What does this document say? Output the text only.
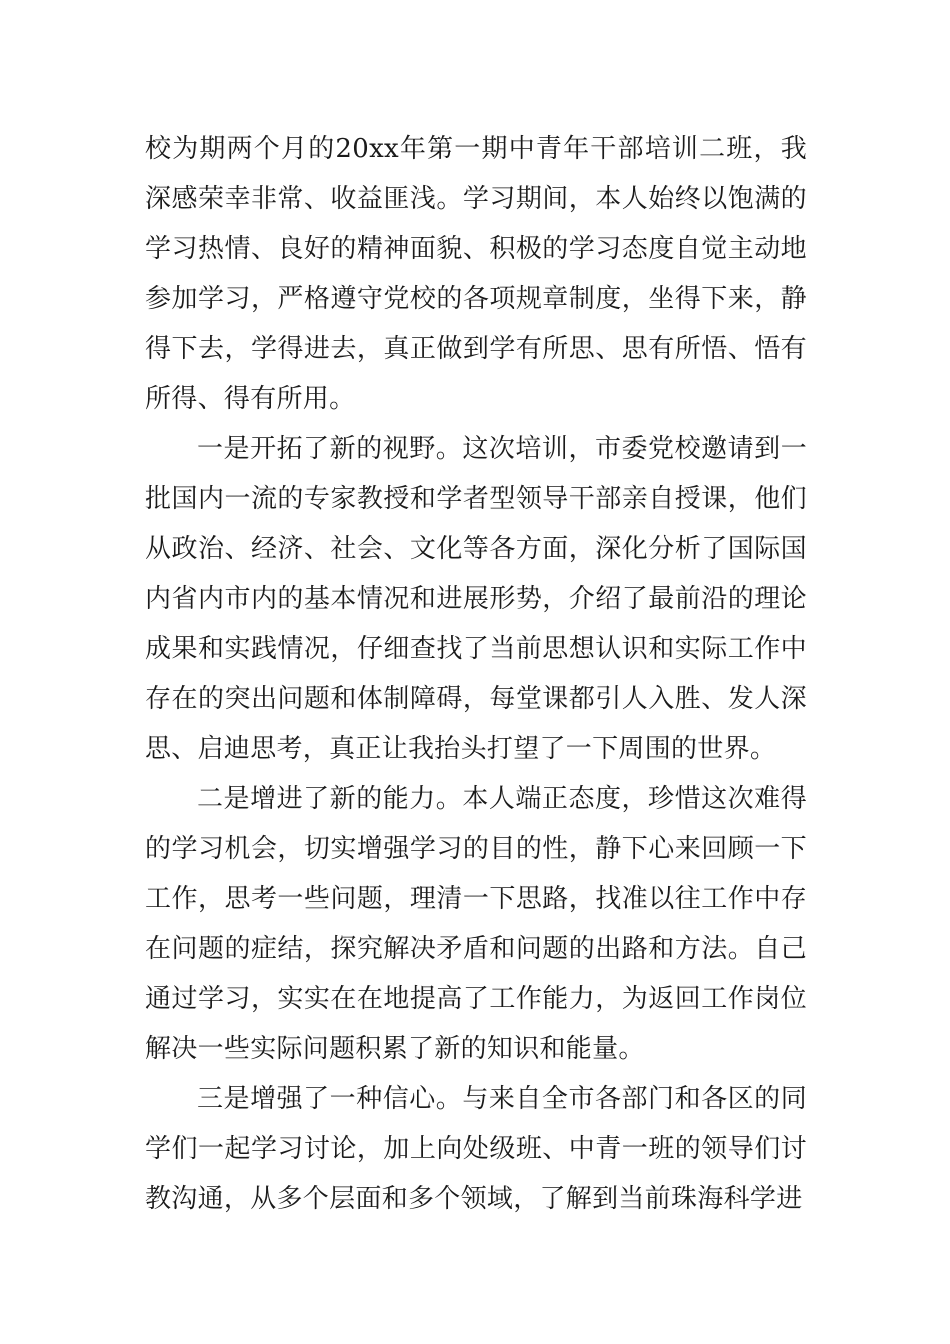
校为期两个月的20xx年第一期中青年干部培训二班，我深感荣幸非常、收益匪浅。学习期间，本人始终以饱满的学习热情、良好的精神面貌、积极的学习态度自觉主动地参加学习，严格遵守党校的各项规章制度，坐得下来，静得下去，学得进去，真正做到学有所思、思有所悟、悟有所得、得有所用。

一是开拓了新的视野。这次培训，市委党校邀请到一批国内一流的专家教授和学者型领导干部亲自授课，他们从政治、经济、社会、文化等各方面，深化分析了国际国内省内市内的基本情况和进展形势，介绍了最前沿的理论成果和实践情况，仔细查找了当前思想认识和实际工作中存在的突出问题和体制障碍，每堂课都引人入胜、发人深思、启迪思考，真正让我抬头打望了一下周围的世界。

二是增进了新的能力。本人端正态度，珍惜这次难得的学习机会，切实增强学习的目的性，静下心来回顾一下工作，思考一些问题，理清一下思路，找准以往工作中存在问题的症结，探究解决矛盾和问题的出路和方法。自己通过学习，实实在在地提高了工作能力，为返回工作岗位解决一些实际问题积累了新的知识和能量。

三是增强了一种信心。与来自全市各部门和各区的同学们一起学习讨论，加上向处级班、中青一班的领导们讨教沟通，从多个层面和多个领域，了解到当前珠海科学进
